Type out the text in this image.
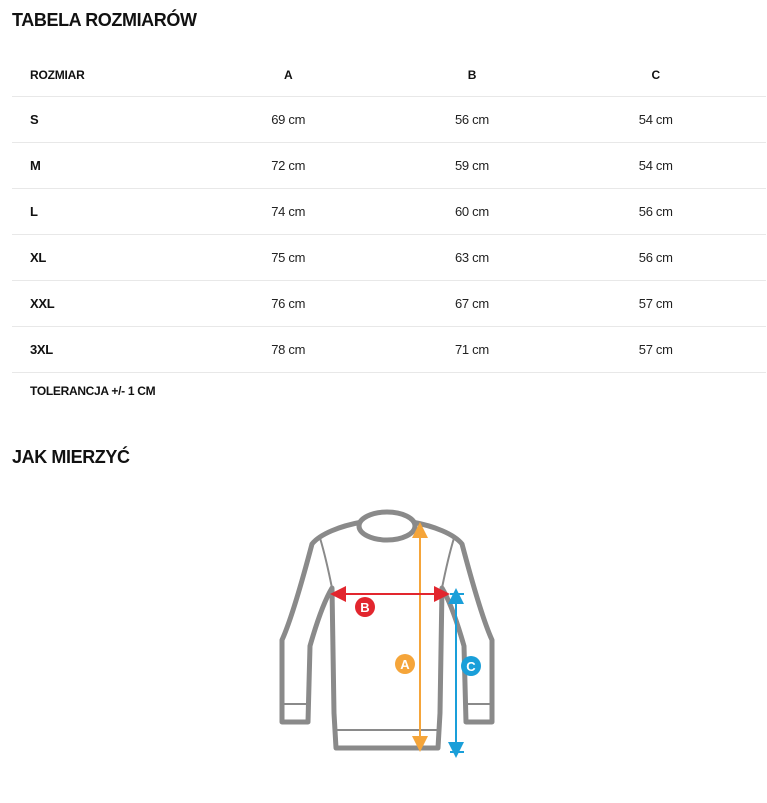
TABELA ROZMIARÓW
ROZMIAR	A	B	C
S	69 cm	56 cm	54 cm
M	72 cm	59 cm	54 cm
L	74 cm	60 cm	56 cm
XL	75 cm	63 cm	56 cm
XXL	76 cm	67 cm	57 cm
3XL	78 cm	71 cm	57 cm

TOLERANCJA +/- 1 CM

JAK MIERZYĆ
A
B
C
